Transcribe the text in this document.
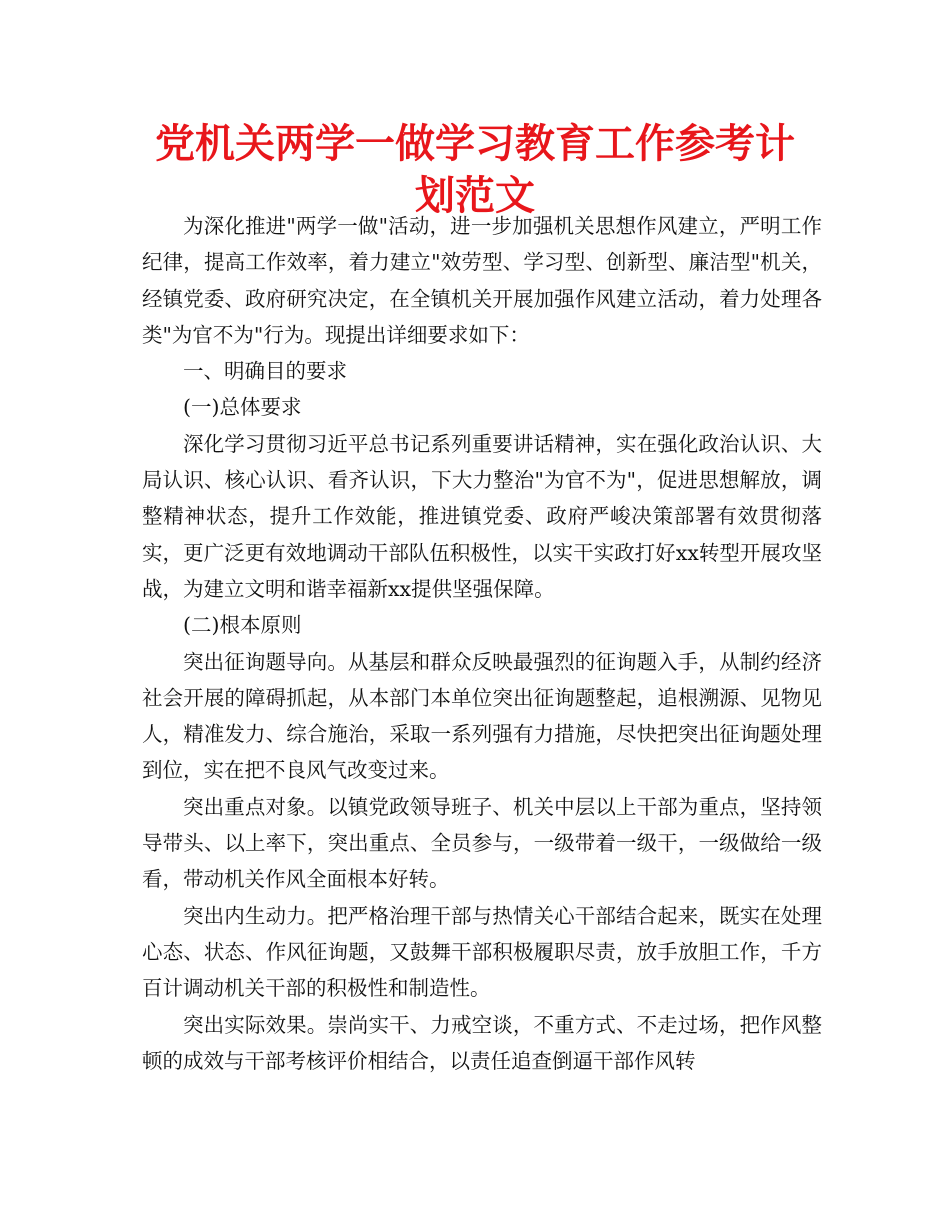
党机关两学一做学习教育工作参考计划范文

为深化推进"两学一做"活动，进一步加强机关思想作风建立，严明工作纪律，提高工作效率，着力建立"效劳型、学习型、创新型、廉洁型"机关，经镇党委、政府研究决定，在全镇机关开展加强作风建立活动，着力处理各类"为官不为"行为。现提出详细要求如下：

一、明确目的要求

(一)总体要求

深化学习贯彻习近平总书记系列重要讲话精神，实在强化政治认识、大局认识、核心认识、看齐认识，下大力整治"为官不为"，促进思想解放，调整精神状态，提升工作效能，推进镇党委、政府严峻决策部署有效贯彻落实，更广泛更有效地调动干部队伍积极性，以实干实政打好xx转型开展攻坚战，为建立文明和谐幸福新xx提供坚强保障。

(二)根本原则

突出征询题导向。从基层和群众反映最强烈的征询题入手，从制约经济社会开展的障碍抓起，从本部门本单位突出征询题整起，追根溯源、见物见人，精准发力、综合施治，采取一系列强有力措施，尽快把突出征询题处理到位，实在把不良风气改变过来。

突出重点对象。以镇党政领导班子、机关中层以上干部为重点，坚持领导带头、以上率下，突出重点、全员参与，一级带着一级干，一级做给一级看，带动机关作风全面根本好转。

突出内生动力。把严格治理干部与热情关心干部结合起来，既实在处理心态、状态、作风征询题，又鼓舞干部积极履职尽责，放手放胆工作，千方百计调动机关干部的积极性和制造性。

突出实际效果。崇尚实干、力戒空谈，不重方式、不走过场，把作风整顿的成效与干部考核评价相结合，以责任追查倒逼干部作风转
